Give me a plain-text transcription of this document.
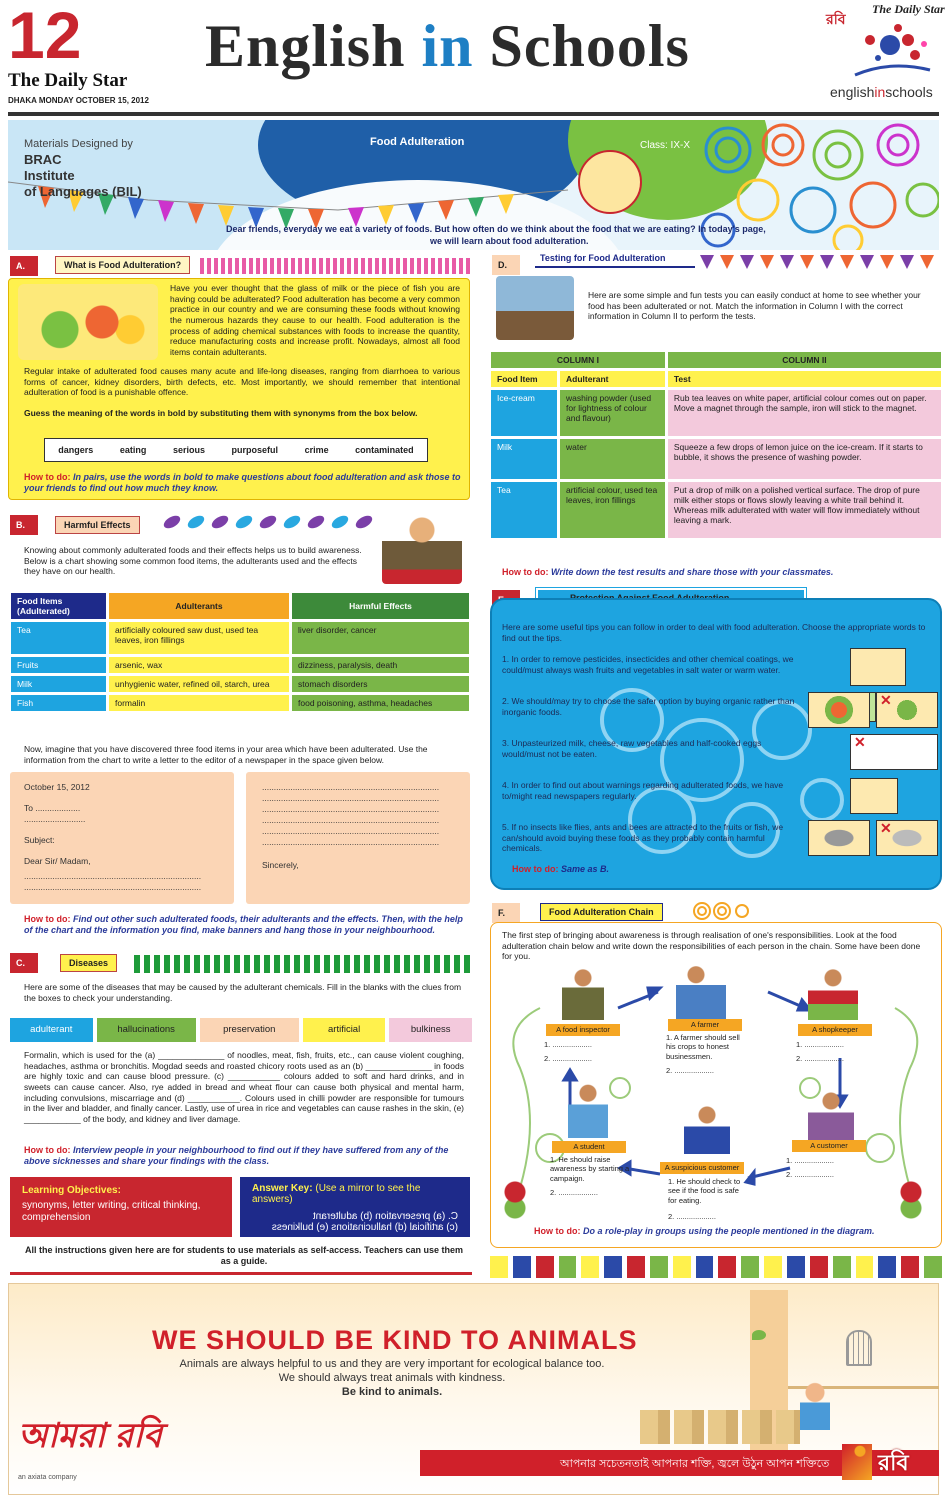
12
The Daily Star
DHAKA MONDAY OCTOBER 15, 2012
English in Schools	রবি
The Daily Star
englishinschools
Materials Designed by
BRAC
Institute
of Languages (BIL)
Food Adulteration	Class: IX-X
Dear friends, everyday we eat a variety of foods. But how often do we think about the food that we are eating? In today's page,
we will learn about food adulteration.
A.	What is Food Adulteration?
Have you ever thought that the glass of milk or the piece of fish you are having could be adulterated? Food adulteration has become a very common practice in our country and we are consuming these foods without knowing the numerous hazards they cause to our health. Food adulteration is the process of adding chemical substances with foods to increase the quantity, reduce manufacturing costs and increase profit. Nowadays, almost all food items contain adulterants.
Regular intake of adulterated food causes many acute and life-long diseases, ranging from diarrhoea to various forms of cancer, kidney disorders, birth defects, etc. Most importantly, we should remember that intentional adulteration of food is a punishable offence.
Guess the meaning of the words in bold by substituting them with synonyms from the box below.
dangers	eating	serious	purposeful	crime	contaminated
How to do: In pairs, use the words in bold to make questions about food adulteration and ask those to your friends to find out how much they know.
B.	Harmful Effects
Knowing about commonly adulterated foods and their effects helps us to build awareness. Below is a chart showing some common food items, the adulterants used and the effects they have on our health.
Food Items (Adulterated)	Adulterants	Harmful Effects
Tea	artificially coloured saw dust, used tea leaves, iron fillings	liver disorder, cancer
Fruits	arsenic, wax	dizziness, paralysis, death
Milk	unhygienic water, refined oil, starch, urea	stomach disorders
Fish	formalin	food poisoning, asthma, headaches
Now, imagine that you have discovered three food items in your area which have been adulterated. Use the information from the chart to write a letter to the editor of a newspaper in the space given below.
October 15, 2012
To ...................
..........................
Subject:
Dear Sir/ Madam,
...........................................................................
...........................................................................
...........................................................................
...........................................................................
...........................................................................
...........................................................................
...........................................................................
...........................................................................
Sincerely,
How to do: Find out other such adulterated foods, their adulterants and the effects. Then, with the help of the chart and the information you find, make banners and hang those in your neighbourhood.
C.	Diseases
Here are some of the diseases that may be caused by the adulterant chemicals. Fill in the blanks with the clues from the boxes to check your understanding.
adulterant	hallucinations	preservation	artificial	bulkiness
Formalin, which is used for the (a) ______________ of noodles, meat, fish, fruits, etc., can cause violent coughing, headaches, asthma or bronchitis. Mogdad seeds and roasted chicory roots used as an (b) ______________ in foods are highly toxic and can cause blood pressure. (c) ___________ colours added to soft and hard drinks, and in sweets can cause cancer. Also, rye added in bread and wheat flour can cause both physical and mental harm, including convulsions, miscarriage and (d) ___________. Colours used in chilli powder are responsible for tumours in the liver and bladder, and finally cancer. Lastly, use of urea in rice and vegetables can cause rashes in the skin, (e) ____________ of the body, and kidney and liver damage.
How to do: Interview people in your neighbourhood to find out if they have suffered from any of the above sicknesses and share your findings with the class.
Learning Objectives:
synonyms, letter writing, critical thinking, comprehension
Answer Key: (Use a mirror to see the answers)
C. (a) preservation (b) adulterant
(c) artificial (d) hallucinations (e) bulkiness
All the instructions given here are for students to use materials as self-access. Teachers can use them as a guide.
D.
Testing for Food Adulteration
Here are some simple and fun tests you can easily conduct at home to see whether your food has been adulterated or not. Match the information in Column I with the correct information in Column II to perform the tests.
COLUMN I		COLUMN II
Food Item	Adulterant	Test
Ice-cream	washing powder (used for lightness of colour and flavour)	Rub tea leaves on white paper, artificial colour comes out on paper. Move a magnet through the sample, iron will stick to the magnet.
Milk	water	Squeeze a few drops of lemon juice on the ice-cream. If it starts to bubble, it shows the presence of washing powder.
Tea	artificial colour, used tea leaves, iron fillings	Put a drop of milk on a polished vertical surface. The drop of pure milk either stops or flows slowly leaving a white trail behind it. Whereas milk adulterated with water will flow immediately without leaving a mark.
How to do: Write down the test results and share those with your classmates.
Here are some useful tips you can follow in order to deal with food adulteration. Choose the appropriate words to find out the tips.
1. In order to remove pesticides, insecticides and other chemical coatings, we could/must always wash fruits and vegetables in salt water or warm water.
2. We should/may try to choose the safer option by buying organic rather than inorganic foods.
3. Unpasteurized milk, cheese, raw vegetables and half-cooked eggs would/must not be eaten.
4. In order to find out about warnings regarding adulterated foods, we have to/might read newspapers regularly.
5. If no insects like flies, ants and bees are attracted to the fruits or fish, we can/should avoid buying these foods as they probably contain harmful chemicals.
How to do: Same as B.
✕
✕
✕
F.	Food Adulteration Chain
The first step of bringing about awareness is through realisation of one's responsibilities. Look at the food adulteration chain below and write down the responsibilities of each person in the chain. Some have been done for you.
A food inspector
1. ...................
2. ...................
A farmer
1. A farmer should sell his crops to honest businessmen.
2. ...................
A shopkeeper
1. ...................
2. ...................
A customer
1. ...................
2. ...................
A suspicious customer
1. He should check to see if the food is safe for eating.
2. ...................
A student
1. He should raise awareness by starting a campaign.
2. ...................
How to do: Do a role-play in groups using the people mentioned in the diagram.
WE SHOULD BE KIND TO ANIMALS
Animals are always helpful to us and they are very important for ecological balance too.
We should always treat animals with kindness.
Be kind to animals.
আমরা রবি
an axiata company
আপনার সচেতনতাই আপনার শক্তি, জ্বলে উঠুন আপন শক্তিতে রবি
